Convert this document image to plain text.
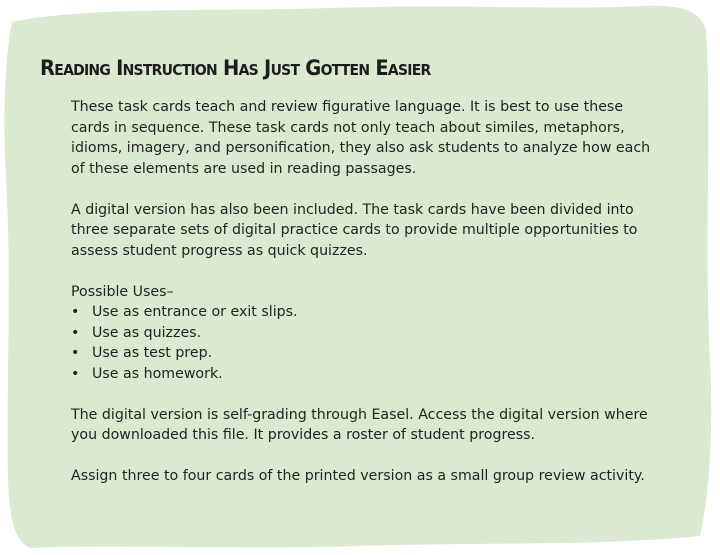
Reading Instruction Has Just Gotten Easier

These task cards teach and review figurative language. It is best to use these cards in sequence. These task cards not only teach about similes, metaphors, idioms, imagery, and personification, they also ask students to analyze how each of these elements are used in reading passages.

A digital version has also been included. The task cards have been divided into three separate sets of digital practice cards to provide multiple opportunities to assess student progress as quick quizzes.

Possible Uses–

• Use as entrance or exit slips.
• Use as quizzes.
• Use as test prep.
• Use as homework.

The digital version is self-grading through Easel. Access the digital version where you downloaded this file. It provides a roster of student progress.

Assign three to four cards of the printed version as a small group review activity.
